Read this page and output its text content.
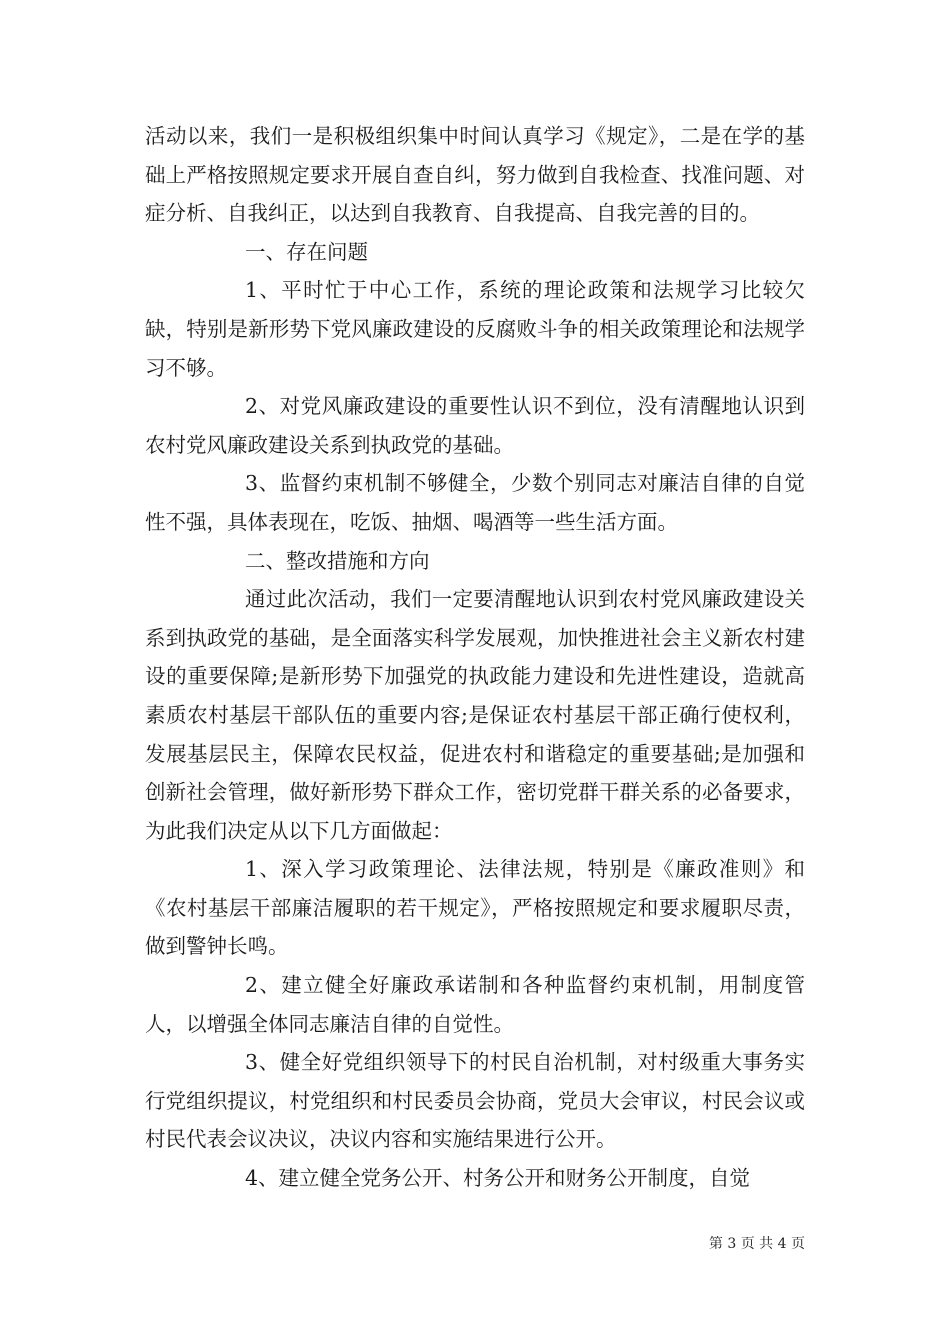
活动以来，我们一是积极组织集中时间认真学习《规定》，二是在学的基础上严格按照规定要求开展自查自纠，努力做到自我检查、找准问题、对症分析、自我纠正，以达到自我教育、自我提高、自我完善的目的。

一、存在问题

1、平时忙于中心工作，系统的理论政策和法规学习比较欠缺，特别是新形势下党风廉政建设的反腐败斗争的相关政策理论和法规学习不够。

2、对党风廉政建设的重要性认识不到位，没有清醒地认识到农村党风廉政建设关系到执政党的基础。

3、监督约束机制不够健全，少数个别同志对廉洁自律的自觉性不强，具体表现在，吃饭、抽烟、喝酒等一些生活方面。

二、整改措施和方向

通过此次活动，我们一定要清醒地认识到农村党风廉政建设关系到执政党的基础，是全面落实科学发展观，加快推进社会主义新农村建设的重要保障;是新形势下加强党的执政能力建设和先进性建设，造就高素质农村基层干部队伍的重要内容;是保证农村基层干部正确行使权利，发展基层民主，保障农民权益，促进农村和谐稳定的重要基础;是加强和创新社会管理，做好新形势下群众工作，密切党群干群关系的必备要求，为此我们决定从以下几方面做起：

1、深入学习政策理论、法律法规，特别是《廉政准则》和《农村基层干部廉洁履职的若干规定》，严格按照规定和要求履职尽责，做到警钟长鸣。

2、建立健全好廉政承诺制和各种监督约束机制，用制度管人，以增强全体同志廉洁自律的自觉性。

3、健全好党组织领导下的村民自治机制，对村级重大事务实行党组织提议，村党组织和村民委员会协商，党员大会审议，村民会议或村民代表会议决议，决议内容和实施结果进行公开。

4、建立健全党务公开、村务公开和财务公开制度，自觉

第 3 页 共 4 页
